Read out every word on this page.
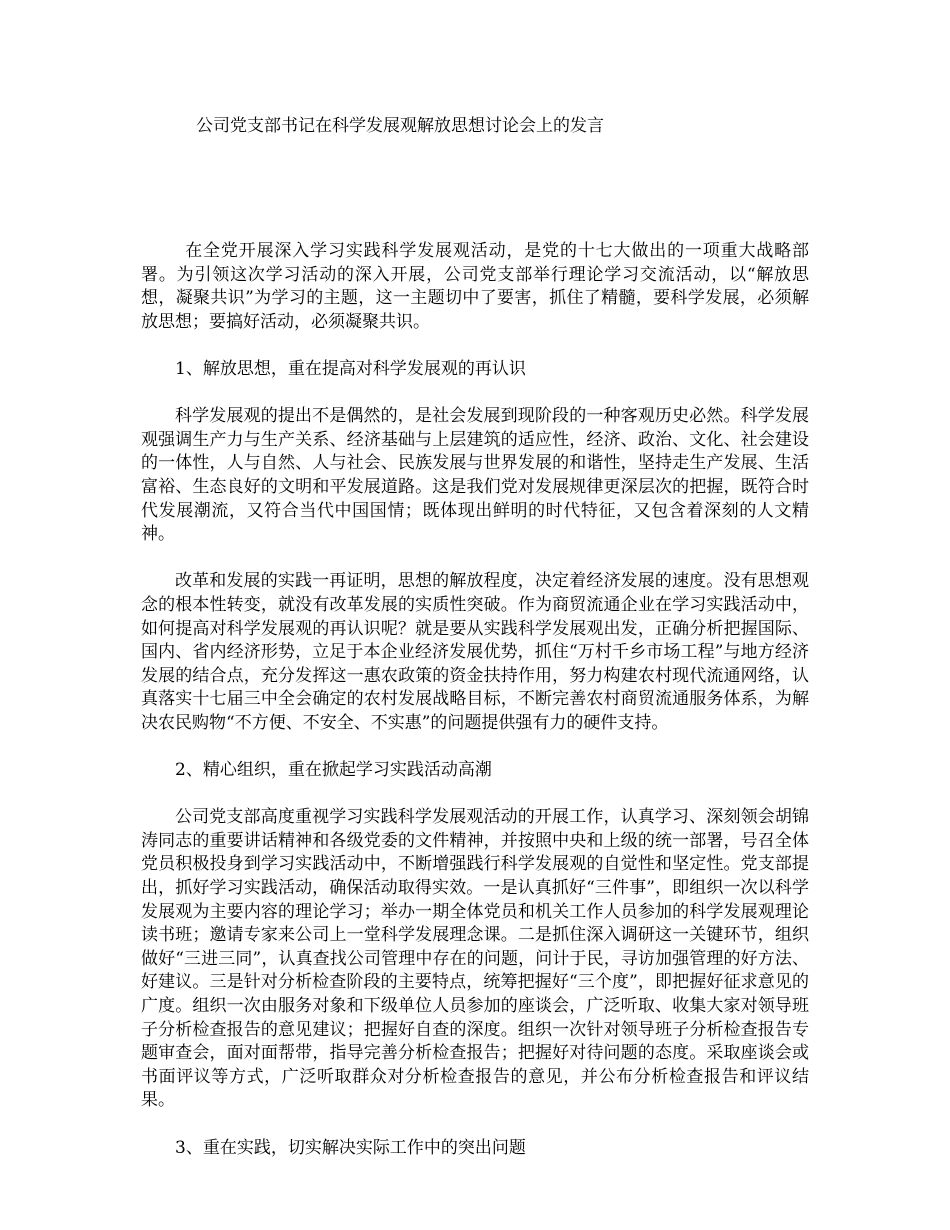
公司党支部书记在科学发展观解放思想讨论会上的发言

在全党开展深入学习实践科学发展观活动，是党的十七大做出的一项重大战略部署。为引领这次学习活动的深入开展，公司党支部举行理论学习交流活动，以“解放思想，凝聚共识”为学习的主题，这一主题切中了要害，抓住了精髓，要科学发展，必须解放思想；要搞好活动，必须凝聚共识。

1、解放思想，重在提高对科学发展观的再认识

科学发展观的提出不是偶然的，是社会发展到现阶段的一种客观历史必然。科学发展观强调生产力与生产关系、经济基础与上层建筑的适应性，经济、政治、文化、社会建设的一体性，人与自然、人与社会、民族发展与世界发展的和谐性，坚持走生产发展、生活富裕、生态良好的文明和平发展道路。这是我们党对发展规律更深层次的把握，既符合时代发展潮流，又符合当代中国国情；既体现出鲜明的时代特征，又包含着深刻的人文精神。

改革和发展的实践一再证明，思想的解放程度，决定着经济发展的速度。没有思想观念的根本性转变，就没有改革发展的实质性突破。作为商贸流通企业在学习实践活动中，如何提高对科学发展观的再认识呢？就是要从实践科学发展观出发，正确分析把握国际、国内、省内经济形势，立足于本企业经济发展优势，抓住“万村千乡市场工程”与地方经济发展的结合点，充分发挥这一惠农政策的资金扶持作用，努力构建农村现代流通网络，认真落实十七届三中全会确定的农村发展战略目标，不断完善农村商贸流通服务体系，为解决农民购物“不方便、不安全、不实惠”的问题提供强有力的硬件支持。

2、精心组织，重在掀起学习实践活动高潮

公司党支部高度重视学习实践科学发展观活动的开展工作，认真学习、深刻领会胡锦涛同志的重要讲话精神和各级党委的文件精神，并按照中央和上级的统一部署，号召全体党员积极投身到学习实践活动中，不断增强践行科学发展观的自觉性和坚定性。党支部提出，抓好学习实践活动，确保活动取得实效。一是认真抓好“三件事”，即组织一次以科学发展观为主要内容的理论学习；举办一期全体党员和机关工作人员参加的科学发展观理论读书班；邀请专家来公司上一堂科学发展理念课。二是抓住深入调研这一关键环节，组织做好“三进三同”，认真查找公司管理中存在的问题，问计于民，寻访加强管理的好方法、好建议。三是针对分析检查阶段的主要特点，统筹把握好“三个度”，即把握好征求意见的广度。组织一次由服务对象和下级单位人员参加的座谈会，广泛听取、收集大家对领导班子分析检查报告的意见建议；把握好自查的深度。组织一次针对领导班子分析检查报告专题审查会，面对面帮带，指导完善分析检查报告；把握好对待问题的态度。采取座谈会或书面评议等方式，广泛听取群众对分析检查报告的意见，并公布分析检查报告和评议结果。

3、重在实践，切实解决实际工作中的突出问题
